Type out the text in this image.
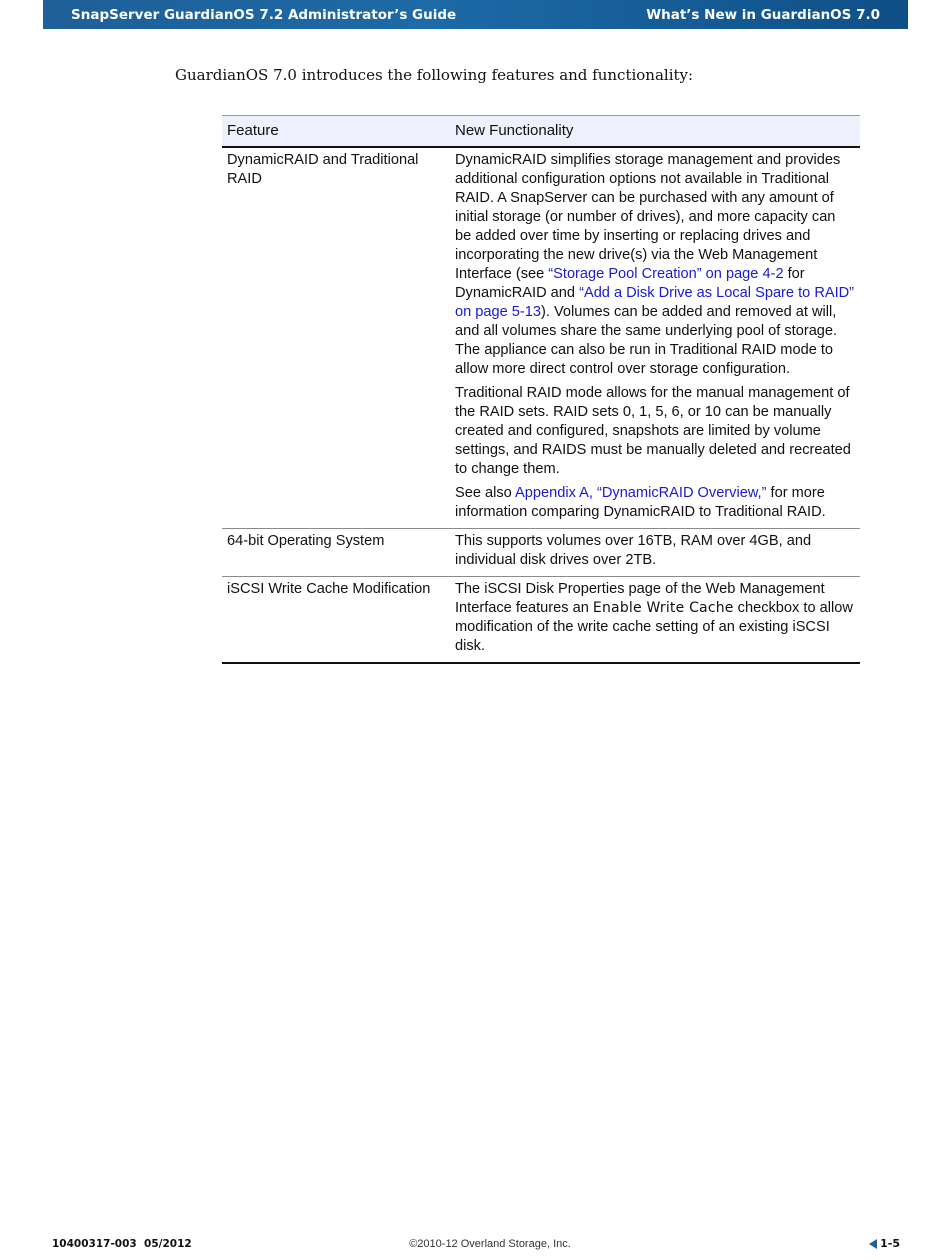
SnapServer GuardianOS 7.2 Administrator’s Guide	What’s New in GuardianOS 7.0
GuardianOS 7.0 introduces the following features and functionality:
Feature	New Functionality
DynamicRAID and Traditional RAID	DynamicRAID simplifies storage management and provides additional configuration options not available in Traditional RAID. A SnapServer can be purchased with any amount of initial storage (or number of drives), and more capacity can be added over time by inserting or replacing drives and incorporating the new drive(s) via the Web Management Interface (see “Storage Pool Creation” on page 4-2 for DynamicRAID and “Add a Disk Drive as Local Spare to RAID” on page 5-13). Volumes can be added and removed at will, and all volumes share the same underlying pool of storage. The appliance can also be run in Traditional RAID mode to allow more direct control over storage configuration.

Traditional RAID mode allows for the manual management of the RAID sets. RAID sets 0, 1, 5, 6, or 10 can be manually created and configured, snapshots are limited by volume settings, and RAIDS must be manually deleted and recreated to change them.

See also Appendix A, “DynamicRAID Overview,” for more information comparing DynamicRAID to Traditional RAID.

64-bit Operating System	This supports volumes over 16TB, RAM over 4GB, and individual disk drives over 2TB.
iSCSI Write Cache Modification	The iSCSI Disk Properties page of the Web Management Interface features an Enable Write Cache checkbox to allow modification of the write cache setting of an existing iSCSI disk.
10400317-003  05/2012	©2010-12 Overland Storage, Inc.	1-5
